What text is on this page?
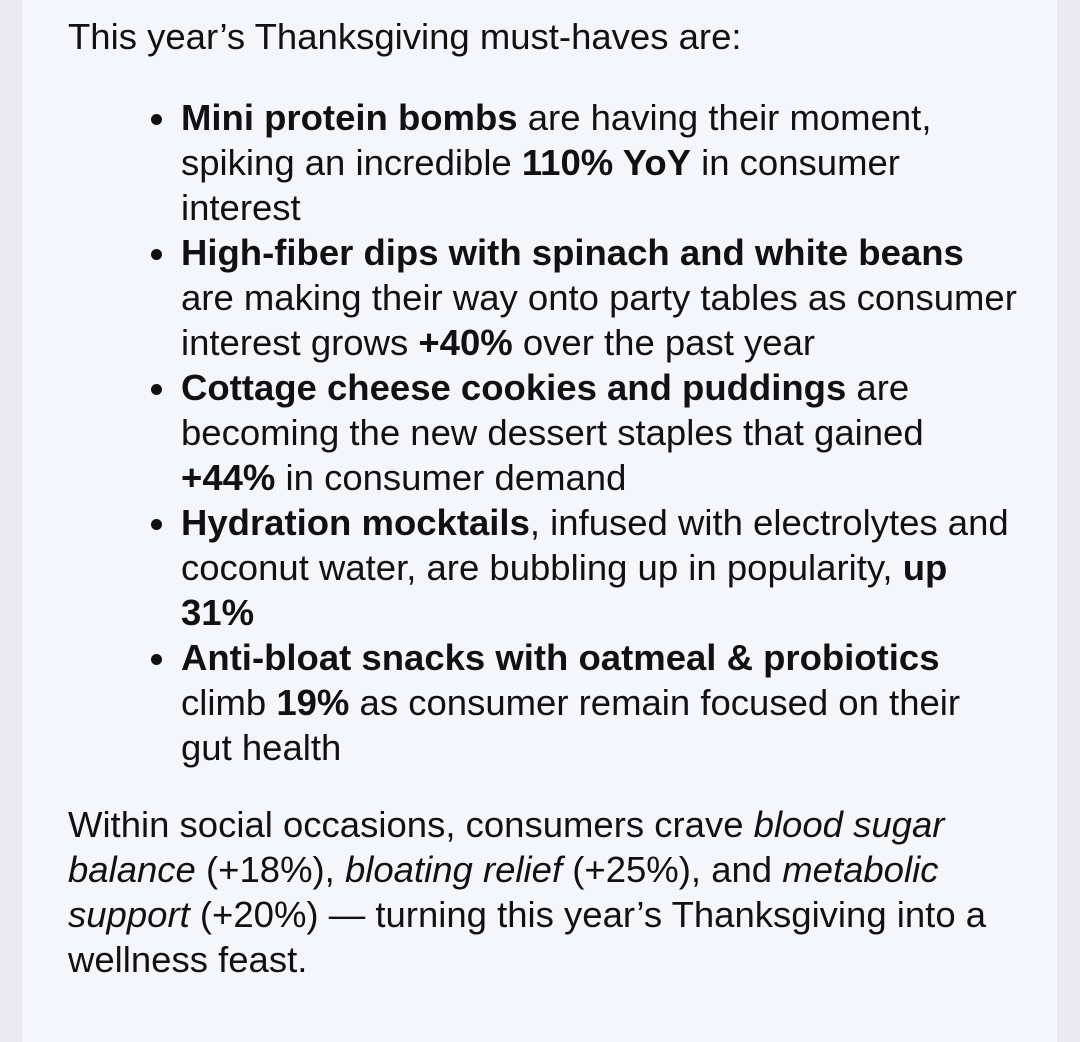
This year’s Thanksgiving must-haves are:

Mini protein bombs are having their moment, spiking an incredible 110% YoY in consumer interest
High-fiber dips with spinach and white beans are making their way onto party tables as consumer interest grows +40% over the past year
Cottage cheese cookies and puddings are becoming the new dessert staples that gained +44% in consumer demand
Hydration mocktails, infused with electrolytes and coconut water, are bubbling up in popularity, up 31%
Anti-bloat snacks with oatmeal & probiotics climb 19% as consumer remain focused on their gut health

Within social occasions, consumers crave blood sugar balance (+18%), bloating relief (+25%), and metabolic support (+20%) — turning this year’s Thanksgiving into a wellness feast.
